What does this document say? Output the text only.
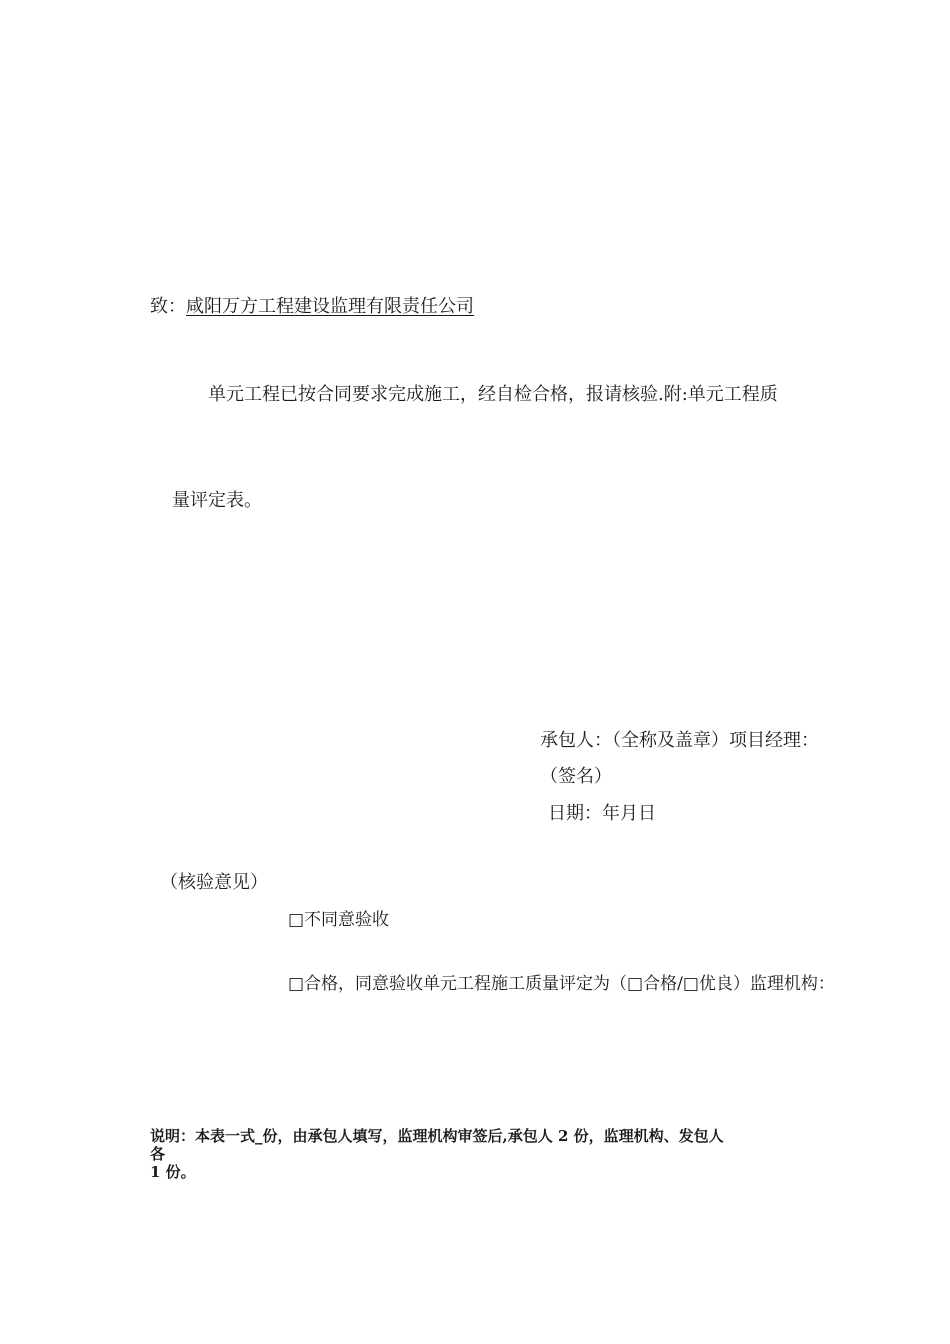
致：咸阳万方工程建设监理有限责任公司
单元工程已按合同要求完成施工，经自检合格，报请核验.附:单元工程质
量评定表。
承包人：（全称及盖章）项目经理：
（签名）
日期：年月日
（核验意见）
□不同意验收
□合格，同意验收单元工程施工质量评定为（□合格/□优良）监理机构：
说明：本表一式_份，由承包人填写，监理机构审签后,承包人 2 份，监理机构、发包人
各
1 份。
